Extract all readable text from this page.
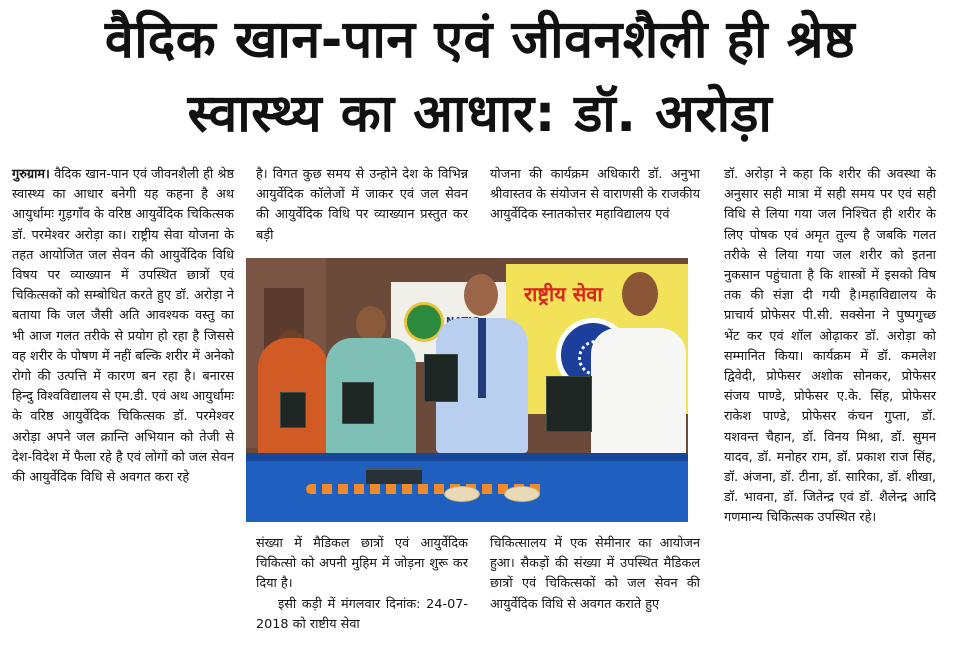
वैदिक खान-पान एवं जीवनशैली ही श्रेष्ठ
स्वास्थ्य का आधार: डॉ. अरोड़ा

गुरुग्राम। वैदिक खान-पान एवं जीवनशैली ही श्रेष्ठ स्वास्थ्य का आधार बनेगी यह कहना है अथ आयुर्धामः गुड़गाँव के वरिष्ठ आयुर्वेदिक चिकित्सक डॉ. परमेश्वर अरोड़ा का। राष्ट्रीय सेवा योजना के तहत आयोजित जल सेवन की आयुर्वेदिक विधि विषय पर व्याख्यान में उपस्थित छात्रों एवं चिकित्सकों को सम्बोधित करते हुए डॉ. अरोड़ा ने बताया कि जल जैसी अति आवश्यक वस्तु का भी आज गलत तरीके से प्रयोग हो रहा है जिससे वह शरीर के पोषण में नहीं बल्कि शरीर में अनेको रोगो की उत्पत्ति में कारण बन रहा है। बनारस हिन्दु विश्वविद्यालय से एम.डी. एवं अथ आयुर्धामः के वरिष्ठ आयुर्वेदिक चिकित्सक डॉ. परमेश्वर अरोड़ा अपने जल क्रान्ति अभियान को तेजी से देश-विदेश में फैला रहे है एवं लोगों को जल सेवन की आयुर्वेदिक विधि से अवगत करा रहे

है। विगत कुछ समय से उन्होने देश के विभिन्न आयुर्वेदिक कॉलेजों में जाकर एवं जल सेवन की आयुर्वेदिक विधि पर व्याख्यान प्रस्तुत कर बड़ी

योजना की कार्यक्रम अधिकारी डॉ. अनुभा श्रीवास्तव के संयोजन से वाराणसी के राजकीय आयुर्वेदिक स्नातकोत्तर महाविद्यालय एवं

राष्ट्रीय सेवा

संख्या में मैडिकल छात्रों एवं आयुर्वेदिक चिकित्सो को अपनी मुहिम में जोड़ना शुरू कर दिया है।

इसी कड़ी में मंगलवार दिनांक: 24-07-2018 को राष्टीय सेवा

चिकित्सालय में एक सेमीनार का आयोजन हुआ। सैकड़ों की संख्या में उपस्थित मैडिकल छात्रों एवं चिकित्सकों को जल सेवन की आयुर्वेदिक विधि से अवगत कराते हुए

डॉ. अरोड़ा ने कहा कि शरीर की अवस्था के अनुसार सही मात्रा में सही समय पर एवं सही विधि से लिया गया जल निश्चित ही शरीर के लिए पोषक एवं अमृत तुल्य है जबकि गलत तरीके से लिया गया जल शरीर को इतना नुकसान पहुंचाता है कि शास्त्रों में इसको विष तक की संज्ञा दी गयी है।महाविद्यालय के प्राचार्य प्रोफेसर पी.सी. सक्सेना ने पुष्पगुच्छ भेंट कर एवं शॉल ओढ़ाकर डॉ. अरोड़ा को सम्मानित किया। कार्यक्रम में डॉ. कमलेश द्विवेदी, प्रोफेसर अशोक सोनकर, प्रोफेसर संजय पाण्डे, प्रोफेसर ए.के. सिंह, प्रोफेसर राकेश पाण्डे, प्रोफेसर कंचन गुप्ता, डॉ. यशवन्त चैहान, डॉ. विनय मिश्रा, डॉ. सुमन यादव, डॉ. मनोहर राम, डॉ. प्रकाश राज सिंह, डॉ. अंजना, डॉ. टीना, डॉ. सारिका, डॉ. शीखा, डॉ. भावना, डॉ. जितेन्द्र एवं डॉ. शैलेन्द्र आदि गणमान्य चिकित्सक उपस्थित रहे।
